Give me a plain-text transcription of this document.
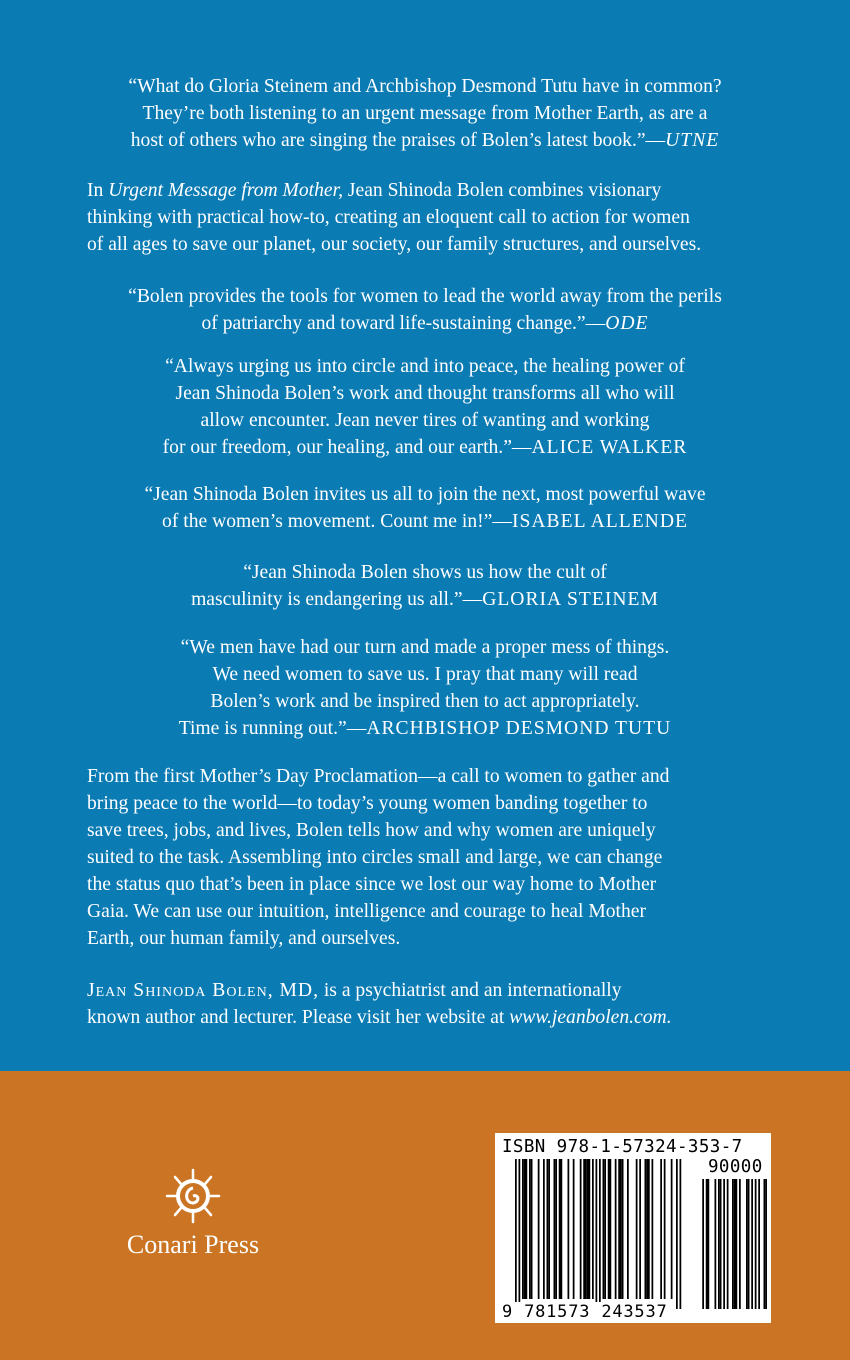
“What do Gloria Steinem and Archbishop Desmond Tutu have in common?
They’re both listening to an urgent message from Mother Earth, as are a
host of others who are singing the praises of Bolen’s latest book.”—UTNE
In Urgent Message from Mother, Jean Shinoda Bolen combines visionary
thinking with practical how-to, creating an eloquent call to action for women
of all ages to save our planet, our society, our family structures, and ourselves.
“Bolen provides the tools for women to lead the world away from the perils
of patriarchy and toward life-sustaining change.”—ODE
“Always urging us into circle and into peace, the healing power of
Jean Shinoda Bolen’s work and thought transforms all who will
allow encounter. Jean never tires of wanting and working
for our freedom, our healing, and our earth.”—ALICE WALKER
“Jean Shinoda Bolen invites us all to join the next, most powerful wave
of the women’s movement. Count me in!”—ISABEL ALLENDE
“Jean Shinoda Bolen shows us how the cult of
masculinity is endangering us all.”—GLORIA STEINEM
“We men have had our turn and made a proper mess of things.
We need women to save us. I pray that many will read
Bolen’s work and be inspired then to act appropriately.
Time is running out.”—ARCHBISHOP DESMOND TUTU
From the first Mother’s Day Proclamation—a call to women to gather and
bring peace to the world—to today’s young women banding together to
save trees, jobs, and lives, Bolen tells how and why women are uniquely
suited to the task. Assembling into circles small and large, we can change
the status quo that’s been in place since we lost our way home to Mother
Gaia. We can use our intuition, intelligence and courage to heal Mother
Earth, our human family, and ourselves.
Jean Shinoda Bolen, MD, is a psychiatrist and an internationally
known author and lecturer. Please visit her website at www.jeanbolen.com.
Conari Press
ISBN 978-1-57324-353-7
90000
9 781573 243537
